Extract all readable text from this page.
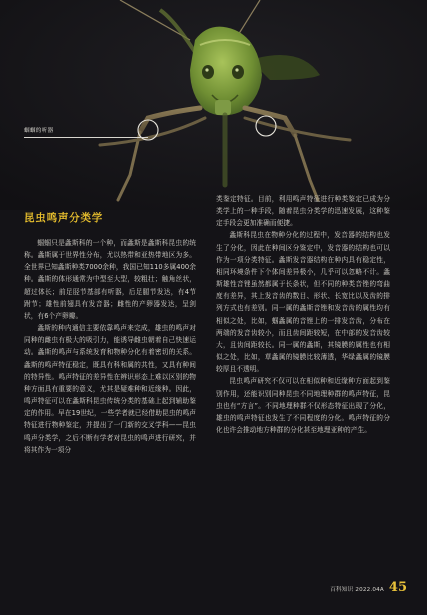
蝈蝈的听器
昆虫鸣声分类学

蝈蝈只是螽斯科的一个种，而螽斯是螽斯科昆虫的统称。螽斯属于世界性分布，尤以热带和亚热带地区为多。全世界已知螽斯种类7000余种，我国已知110多属400余种。螽斯的体形通常为中型至大型，较粗壮；触角丝状，超过体长；前足胫节基部有听器，后足腿节发达，有4节跗节；雄性前翅具有发音器；雌性的产卵器发达，呈剑状，有6个产卵瓣。

螽斯的种内通信主要依靠鸣声来完成，雄虫的鸣声对同种的雌虫有极大的吸引力，能诱导雌虫朝着自己快速运动。螽斯的鸣声与系统发育和物种分化有着密切的关系。螽斯的鸣声特征稳定，既具有科和属的共性，又具有种间的特异性。鸣声特征的差异性在辨识形态上难以区别的物种方面具有重要的意义，尤其是疑难种和近缘种。因此，鸣声特征可以在螽斯科昆虫传统分类的基础上起到辅助鉴定的作用。早在19世纪，一些学者就已经借助昆虫的鸣声特征进行物种鉴定，并提出了一门新的交叉学科——昆虫鸣声分类学，之后不断有学者对昆虫的鸣声进行研究，并将其作为一项分

类鉴定特征。目前，利用鸣声特征进行种类鉴定已成为分类学上的一种手段，随着昆虫分类学的迅速发展，这种鉴定手段会更加准确而便捷。

螽斯科昆虫在物种分化的过程中，发音器的结构也发生了分化，因此在种间区分鉴定中，发音器的结构也可以作为一项分类特征。螽斯发音器结构在种内具有稳定性，相同环境条件下个体间差异极小，几乎可以忽略不计。螽斯雄性音锉虽然都属于长条状，但不同的种类音锉的弯曲度有差异，其上发音齿的数目、形状、长宽比以及齿的排列方式也有差别。同一属的螽斯音锉和发音齿的属性均有相似之处，比如，蝈螽属的音锉上的一排发音齿，分布在两端的发音齿较小，而且齿间距较短，在中部的发音齿较大，且齿间距较长。同一属的螽斯，其镜膜的属性也有相似之处，比如，草螽属的镜膜比较薄透，华绿螽属的镜膜较厚且不透明。

昆虫鸣声研究不仅可以在相似种和近缘种方面起到鉴别作用，还能识别同种昆虫不同地理种群的鸣声特征，昆虫也有“方言”。不同地理种群不仅形态特征出现了分化，雄虫的鸣声特征也发生了不同程度的分化。鸣声特征的分化也许会推动地方种群的分化甚至地理亚种的产生。

百科知识 2022.04A 45
